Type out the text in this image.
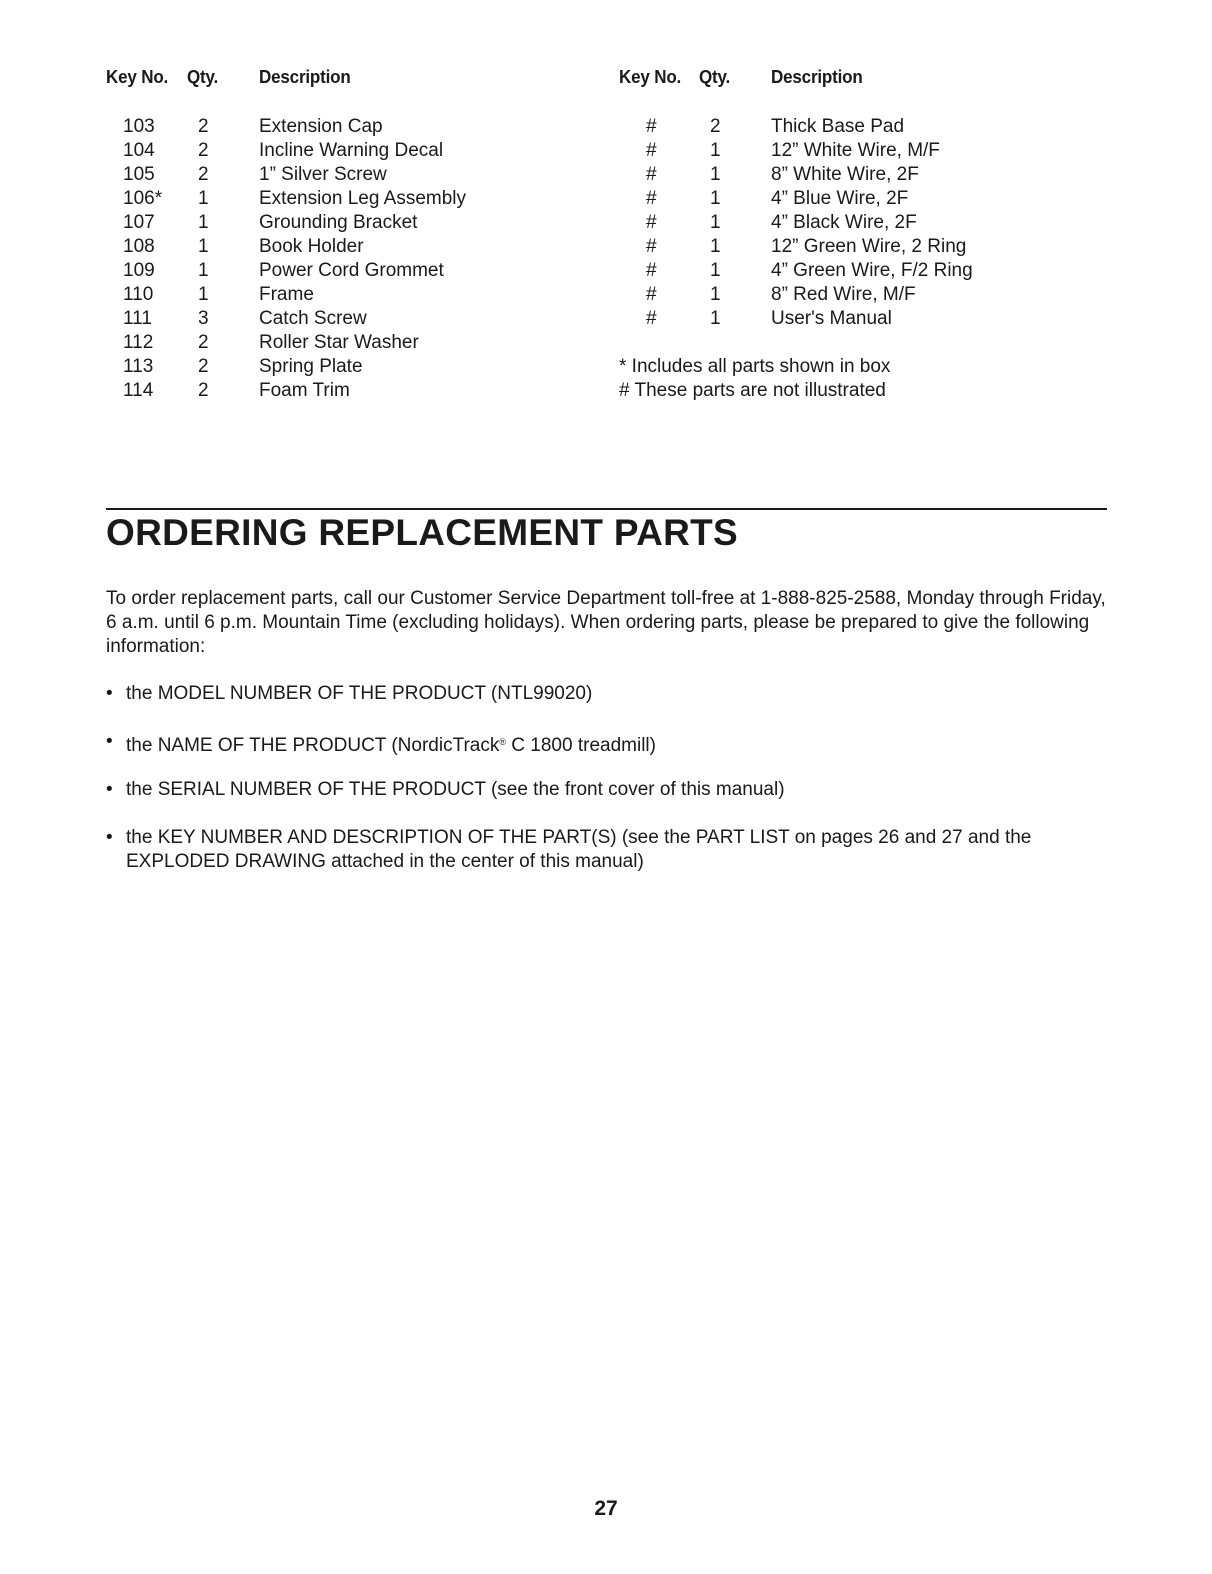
Key No. Qty. Description	Key No. Qty. Description
103 2	Extension Cap
104 2	Incline Warning Decal
105 2	1” Silver Screw
106* 1	Extension Leg Assembly
107 1	Grounding Bracket
108 1	Book Holder
109 1	Power Cord Grommet
110 1	Frame
111 3	Catch Screw
112 2	Roller Star Washer
113 2	Spring Plate
114 2	Foam Trim
#	2	Thick Base Pad
#	1	12” White Wire, M/F
#	1	8” White Wire, 2F
#	1	4” Blue Wire, 2F
#	1	4” Black Wire, 2F
#	1	12” Green Wire, 2 Ring
#	1	4” Green Wire, F/2 Ring
#	1	8” Red Wire, M/F
#	1	User's Manual
* Includes all parts shown in box
# These parts are not illustrated
ORDERING REPLACEMENT PARTS
To order replacement parts, call our Customer Service Department toll-free at 1-888-825-2588, Monday through Friday, 6 a.m. until 6 p.m. Mountain Time (excluding holidays). When ordering parts, please be prepared to give the following information:
• the MODEL NUMBER OF THE PRODUCT (NTL99020)
• the NAME OF THE PRODUCT (NordicTrack® C 1800 treadmill)
• the SERIAL NUMBER OF THE PRODUCT (see the front cover of this manual)
• the KEY NUMBER AND DESCRIPTION OF THE PART(S) (see the PART LIST on pages 26 and 27 and the EXPLODED DRAWING attached in the center of this manual)
27
